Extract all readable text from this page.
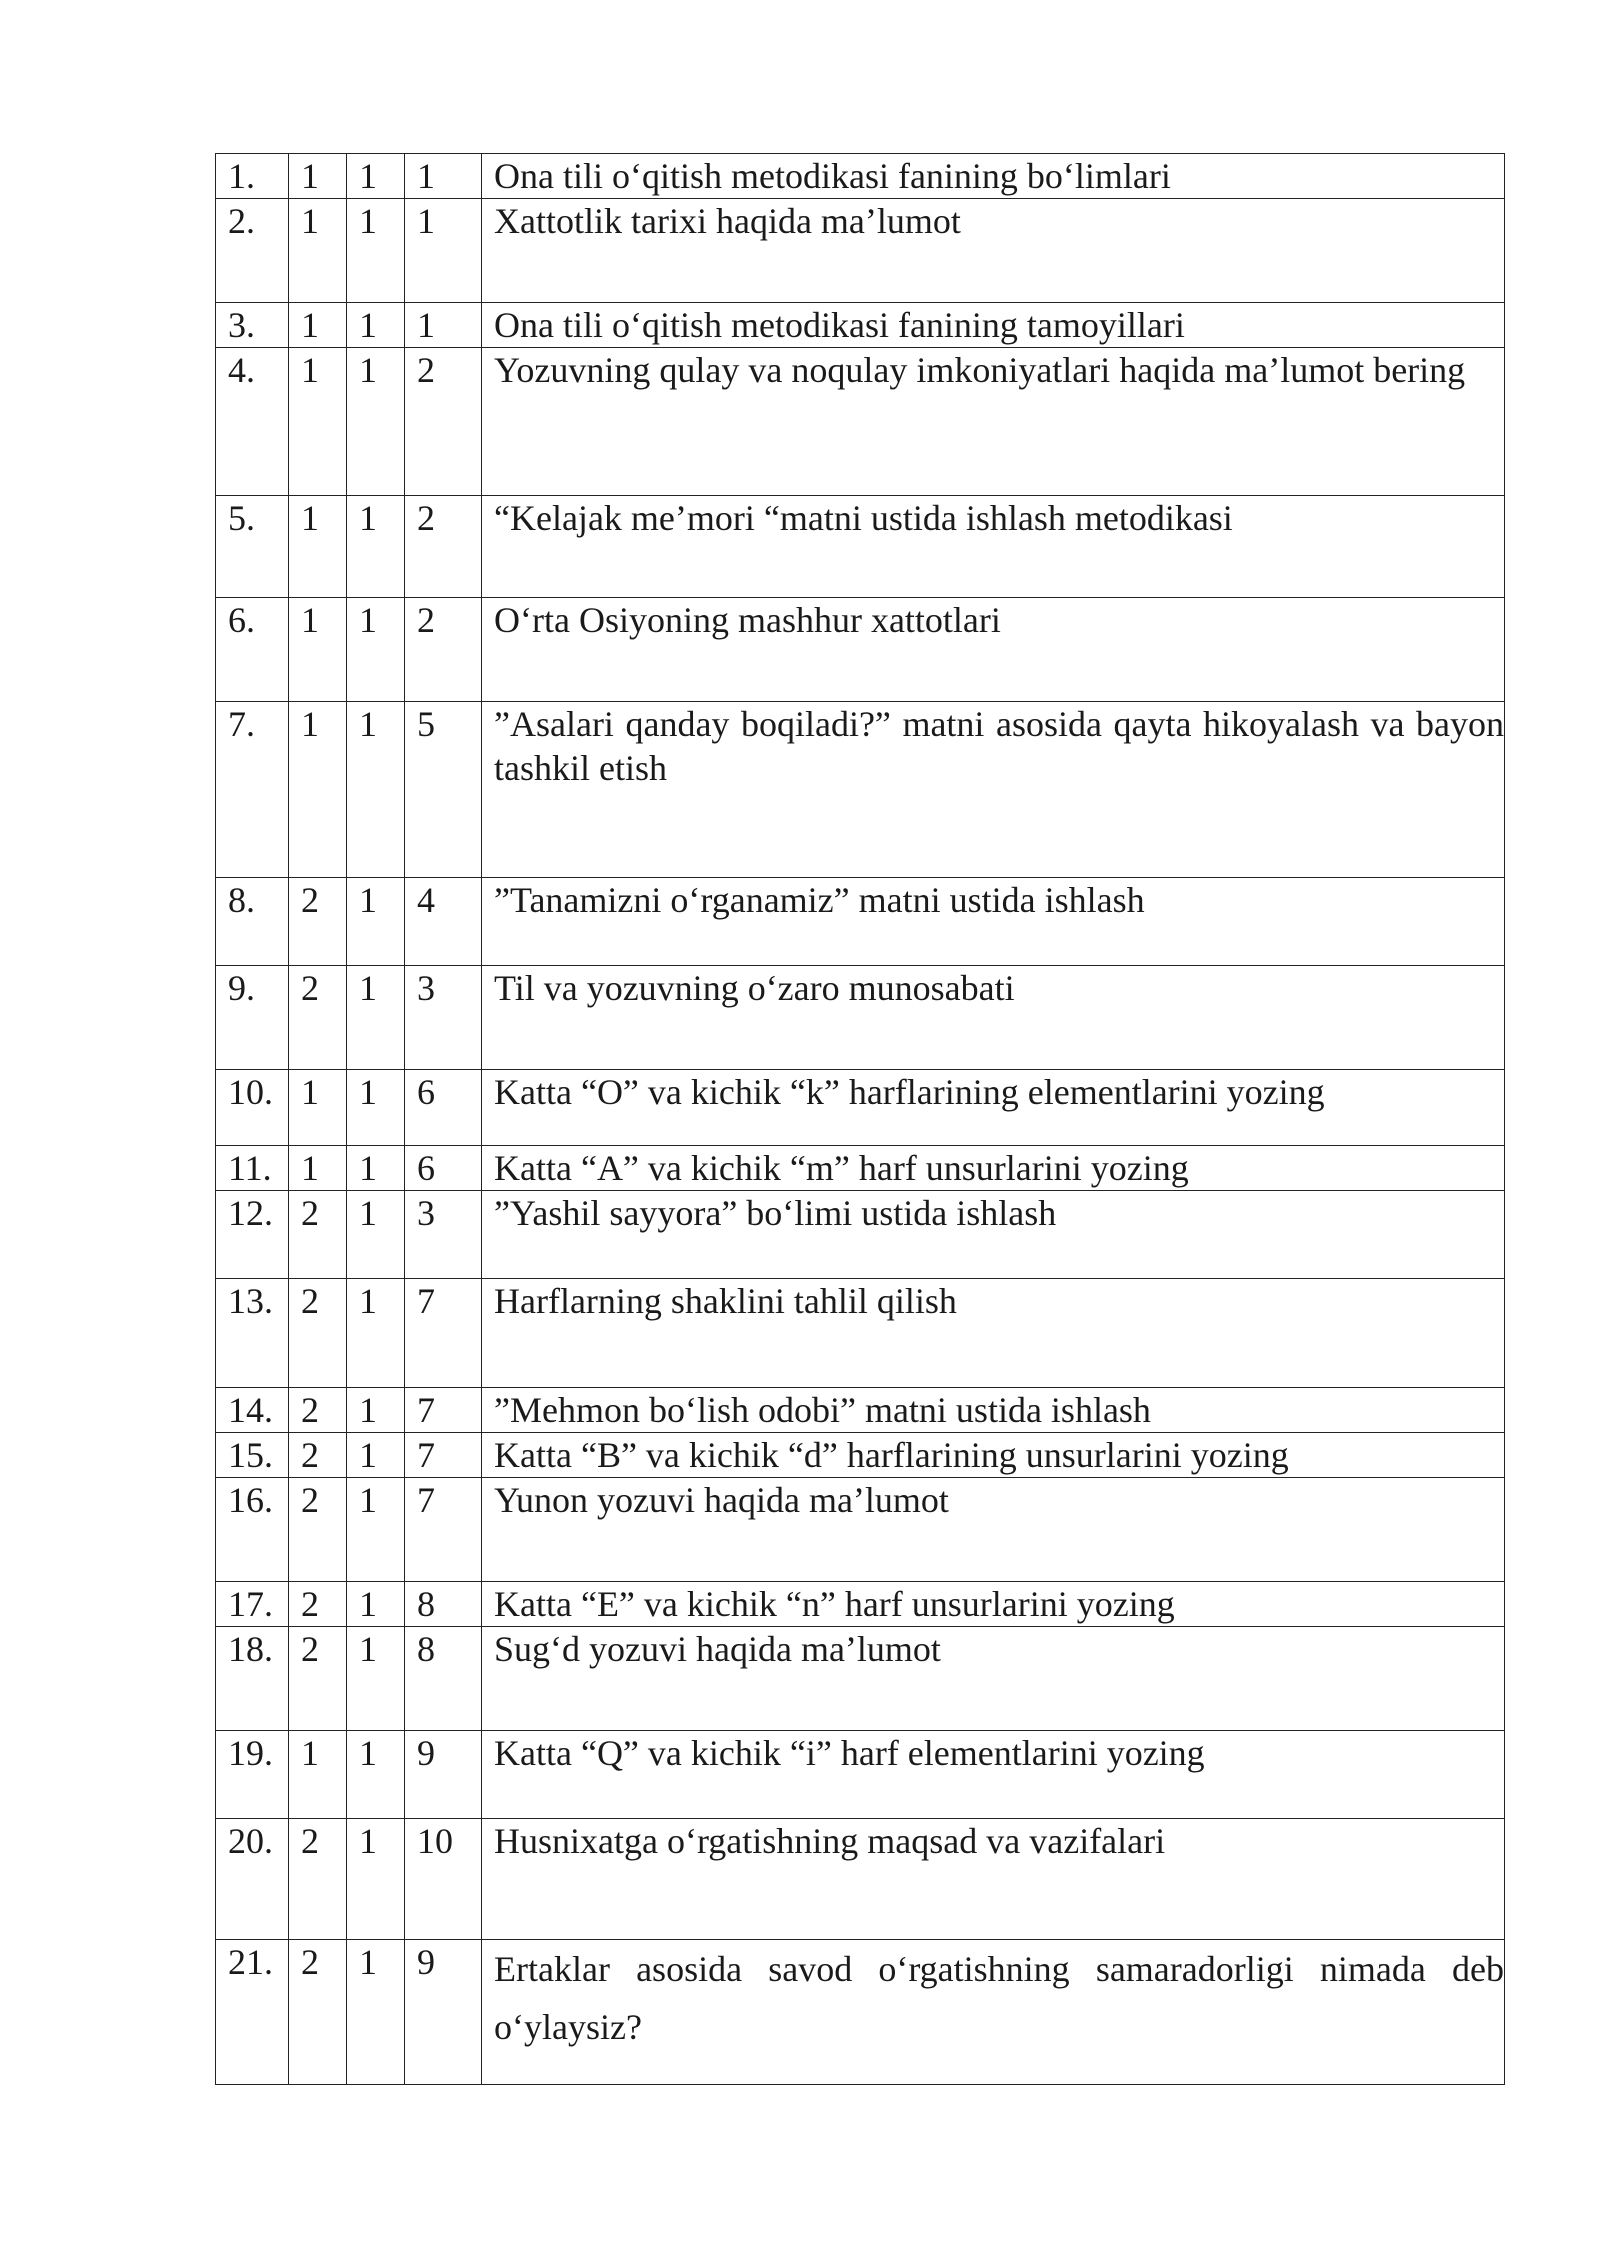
1.	1	1	1	Ona tili o‘qitish metodikasi fanining bo‘limlari
2.	1	1	1	Xattotlik tarixi haqida ma’lumot
3.	1	1	1	Ona tili o‘qitish metodikasi fanining tamoyillari
4.	1	1	2	Yozuvning qulay va noqulay imkoniyatlari haqida ma’lumot bering
5.	1	1	2	“Kelajak me’mori “matni ustida ishlash metodikasi
6.	1	1	2	O‘rta Osiyoning mashhur xattotlari
7.	1	1	5	”Asalari qanday boqiladi?” matni asosida qayta hikoyalash va bayon tashkil etish
8.	2	1	4	”Tanamizni o‘rganamiz” matni ustida ishlash
9.	2	1	3	Til va yozuvning o‘zaro munosabati
10.	1	1	6	Katta “O” va kichik “k” harflarining elementlarini yozing
11.	1	1	6	Katta “A” va kichik “m” harf unsurlarini yozing
12.	2	1	3	”Yashil sayyora” bo‘limi ustida ishlash
13.	2	1	7	Harflarning shaklini tahlil qilish
14.	2	1	7	”Mehmon bo‘lish odobi” matni ustida ishlash
15.	2	1	7	Katta “B” va kichik “d” harflarining unsurlarini yozing
16.	2	1	7	Yunon yozuvi haqida ma’lumot
17.	2	1	8	Katta “E” va kichik “n” harf unsurlarini yozing
18.	2	1	8	Sug‘d yozuvi haqida ma’lumot
19.	1	1	9	Katta “Q” va kichik “i” harf elementlarini yozing
20.	2	1	10	Husnixatga o‘rgatishning maqsad va vazifalari
21.	2	1	9	Ertaklar asosida savod o‘rgatishning samaradorligi nimada deb o‘ylaysiz?
